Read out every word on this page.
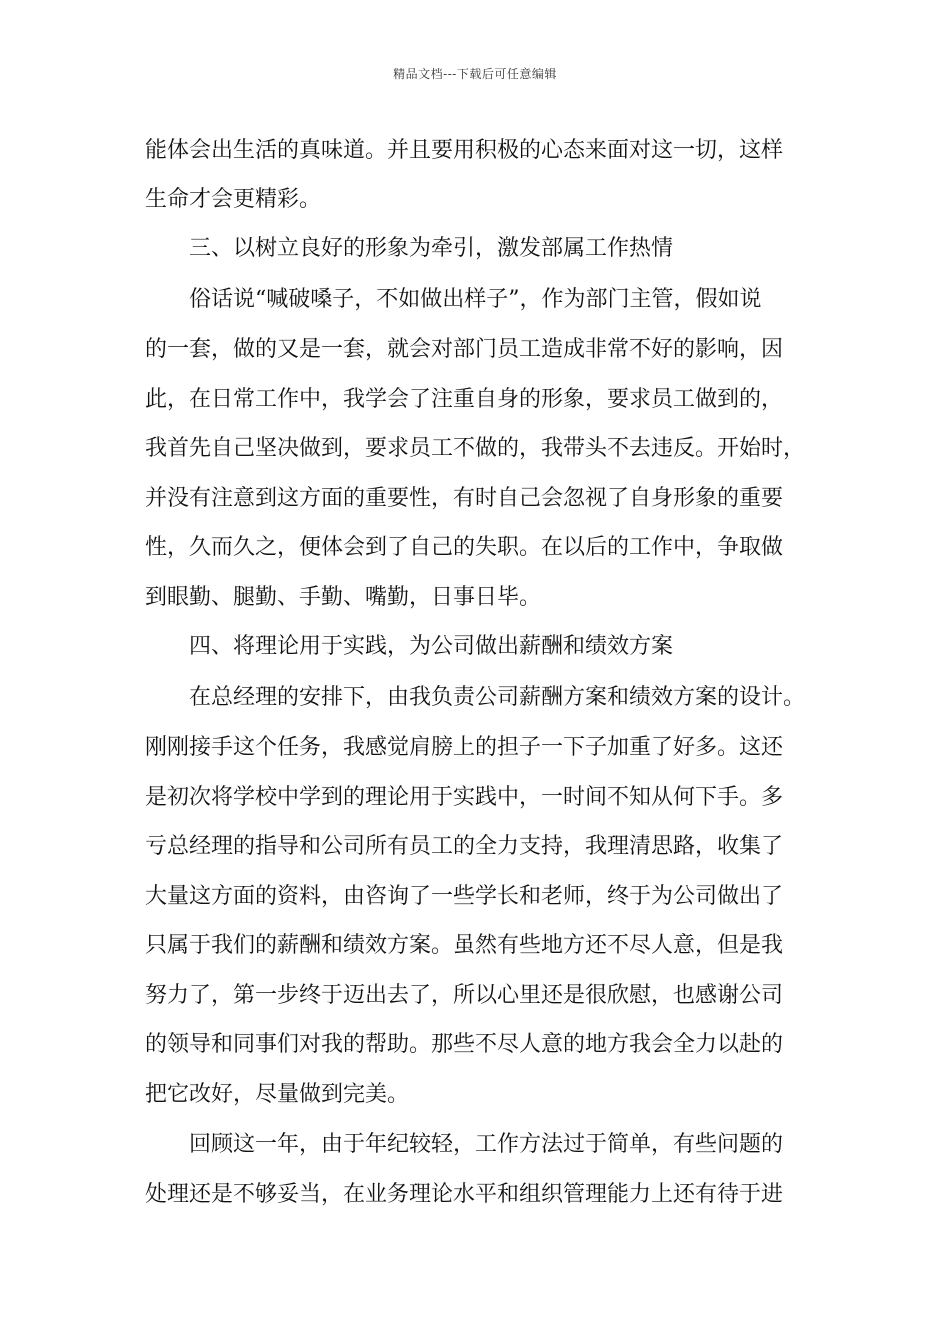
精品文档---下载后可任意编辑
能体会出生活的真味道。并且要用积极的心态来面对这一切，这样
生命才会更精彩。
三、以树立良好的形象为牵引，激发部属工作热情
俗话说“喊破嗓子，不如做出样子”，作为部门主管，假如说
的一套，做的又是一套，就会对部门员工造成非常不好的影响，因
此，在日常工作中，我学会了注重自身的形象，要求员工做到的，
我首先自己坚决做到，要求员工不做的，我带头不去违反。开始时，
并没有注意到这方面的重要性，有时自己会忽视了自身形象的重要
性，久而久之，便体会到了自己的失职。在以后的工作中，争取做
到眼勤、腿勤、手勤、嘴勤，日事日毕。
四、将理论用于实践，为公司做出薪酬和绩效方案
在总经理的安排下，由我负责公司薪酬方案和绩效方案的设计。
刚刚接手这个任务，我感觉肩膀上的担子一下子加重了好多。这还
是初次将学校中学到的理论用于实践中，一时间不知从何下手。多
亏总经理的指导和公司所有员工的全力支持，我理清思路，收集了
大量这方面的资料，由咨询了一些学长和老师，终于为公司做出了
只属于我们的薪酬和绩效方案。虽然有些地方还不尽人意，但是我
努力了，第一步终于迈出去了，所以心里还是很欣慰，也感谢公司
的领导和同事们对我的帮助。那些不尽人意的地方我会全力以赴的
把它改好，尽量做到完美。
回顾这一年，由于年纪较轻，工作方法过于简单，有些问题的
处理还是不够妥当，在业务理论水平和组织管理能力上还有待于进
